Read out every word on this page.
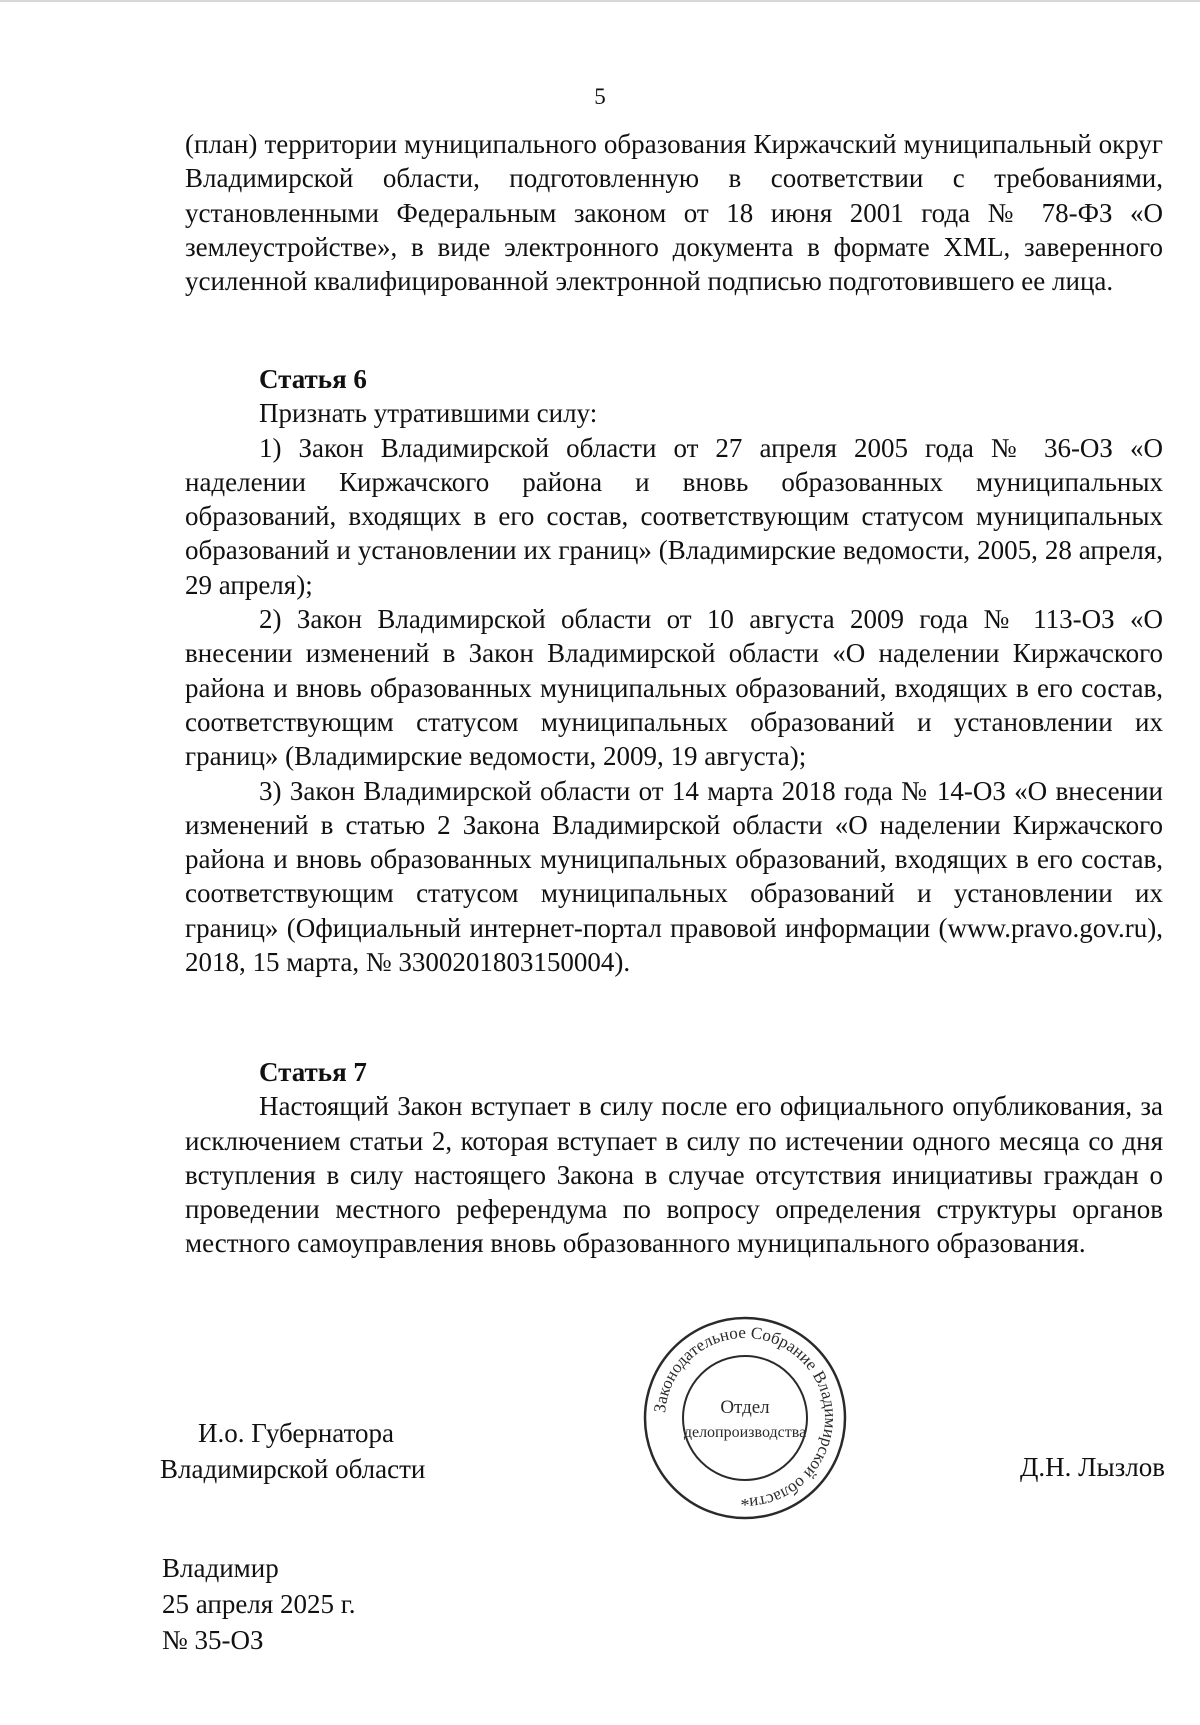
5

(план) территории муниципального образования Киржачский муниципальный округ Владимирской области, подготовленную в соответствии с требованиями, установленными Федеральным законом от 18 июня 2001 года № 78-ФЗ «О землеустройстве», в виде электронного документа в формате XML, заверенного усиленной квалифицированной электронной подписью подготовившего ее лица.

Статья 6

Признать утратившими силу:

1) Закон Владимирской области от 27 апреля 2005 года № 36-ОЗ «О наделении Киржачского района и вновь образованных муниципальных образований, входящих в его состав, соответствующим статусом муниципальных образований и установлении их границ» (Владимирские ведомости, 2005, 28 апреля, 29 апреля);

2) Закон Владимирской области от 10 августа 2009 года № 113-ОЗ «О внесении изменений в Закон Владимирской области «О наделении Киржачского района и вновь образованных муниципальных образований, входящих в его состав, соответствующим статусом муниципальных образований и установлении их границ» (Владимирские ведомости, 2009, 19 августа);

3) Закон Владимирской области от 14 марта 2018 года № 14-ОЗ «О внесении изменений в статью 2 Закона Владимирской области «О наделении Киржачского района и вновь образованных муниципальных образований, входящих в его состав, соответствующим статусом муниципальных образований и установлении их границ» (Официальный интернет-портал правовой информации (www.pravo.gov.ru), 2018, 15 марта, № 3300201803150004).

Статья 7

Настоящий Закон вступает в силу после его официального опубликования, за исключением статьи 2, которая вступает в силу по истечении одного месяца со дня вступления в силу настоящего Закона в случае отсутствия инициативы граждан о проведении местного референдума по вопросу определения структуры органов местного самоуправления вновь образованного муниципального образования.

И.о. Губернатора
Владимирской области
Законодательное Собрание Владимирской области
Отдел
делопроизводства
*
Д.Н. Лызлов
Владимир
25 апреля 2025 г.
№ 35-ОЗ
